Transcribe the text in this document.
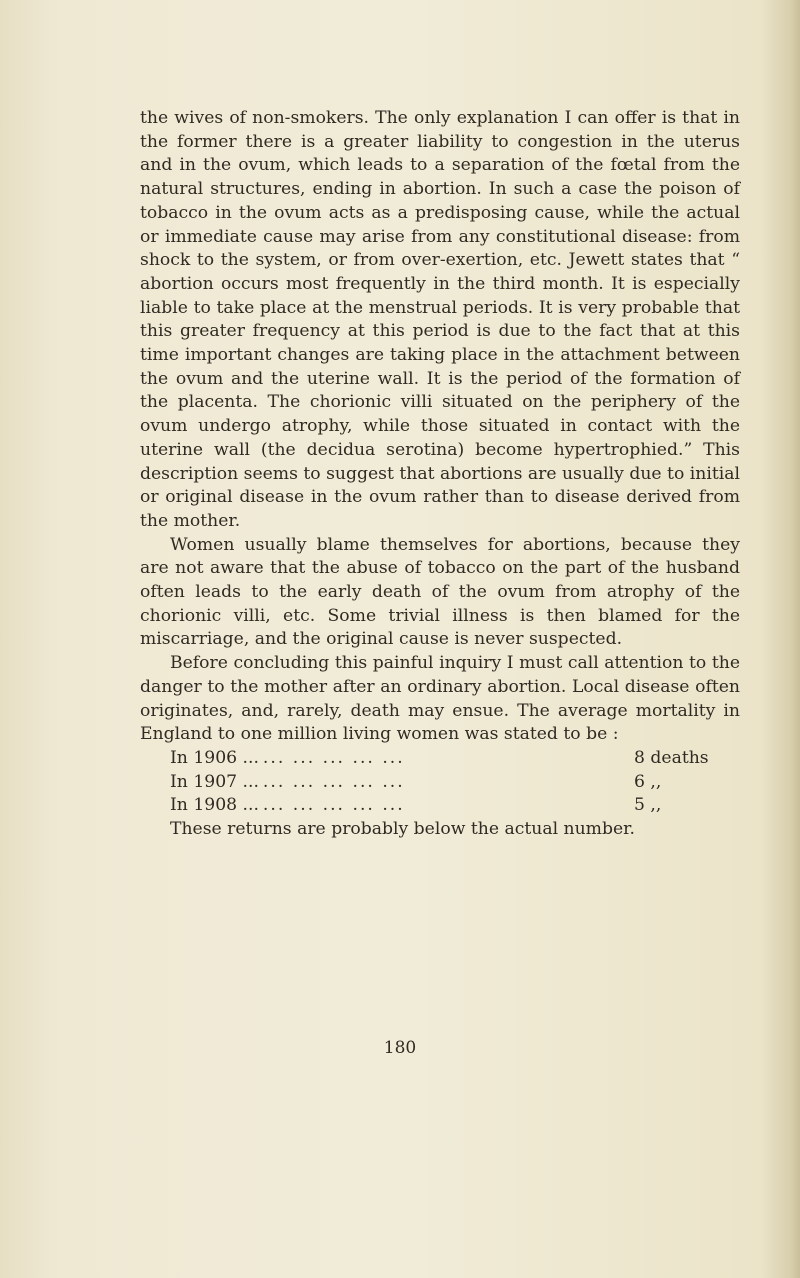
the wives of non-smokers. The only explanation I can offer is that in the former there is a greater liability to congestion in the uterus and in the ovum, which leads to a separation of the fœtal from the natural structures, ending in abortion. In such a case the poison of tobacco in the ovum acts as a predisposing cause, while the actual or immediate cause may arise from any constitutional disease: from shock to the system, or from over-exertion, etc. Jewett states that “ abortion occurs most frequently in the third month. It is especially liable to take place at the menstrual periods. It is very probable that this greater frequency at this period is due to the fact that at this time important changes are taking place in the attachment between the ovum and the uterine wall. It is the period of the formation of the placenta. The chorionic villi situated on the periphery of the ovum undergo atrophy, while those situated in contact with the uterine wall (the decidua serotina) become hypertrophied.” This description seems to suggest that abortions are usually due to initial or original disease in the ovum rather than to disease derived from the mother.

Women usually blame themselves for abortions, because they are not aware that the abuse of tobacco on the part of the husband often leads to the early death of the ovum from atrophy of the chorionic villi, etc. Some trivial illness is then blamed for the miscarriage, and the original cause is never suspected.

Before concluding this painful inquiry I must call attention to the danger to the mother after an ordinary abortion. Local disease often originates, and, rarely, death may ensue. The average mortality in England to one million living women was stated to be :

In 1906 ... ... ... ... ... ...	8 deaths
In 1907 ... ... ... ... ... ...	6 ,,
In 1908 ... ... ... ... ... ...	5 ,,

These returns are probably below the actual number.

180
